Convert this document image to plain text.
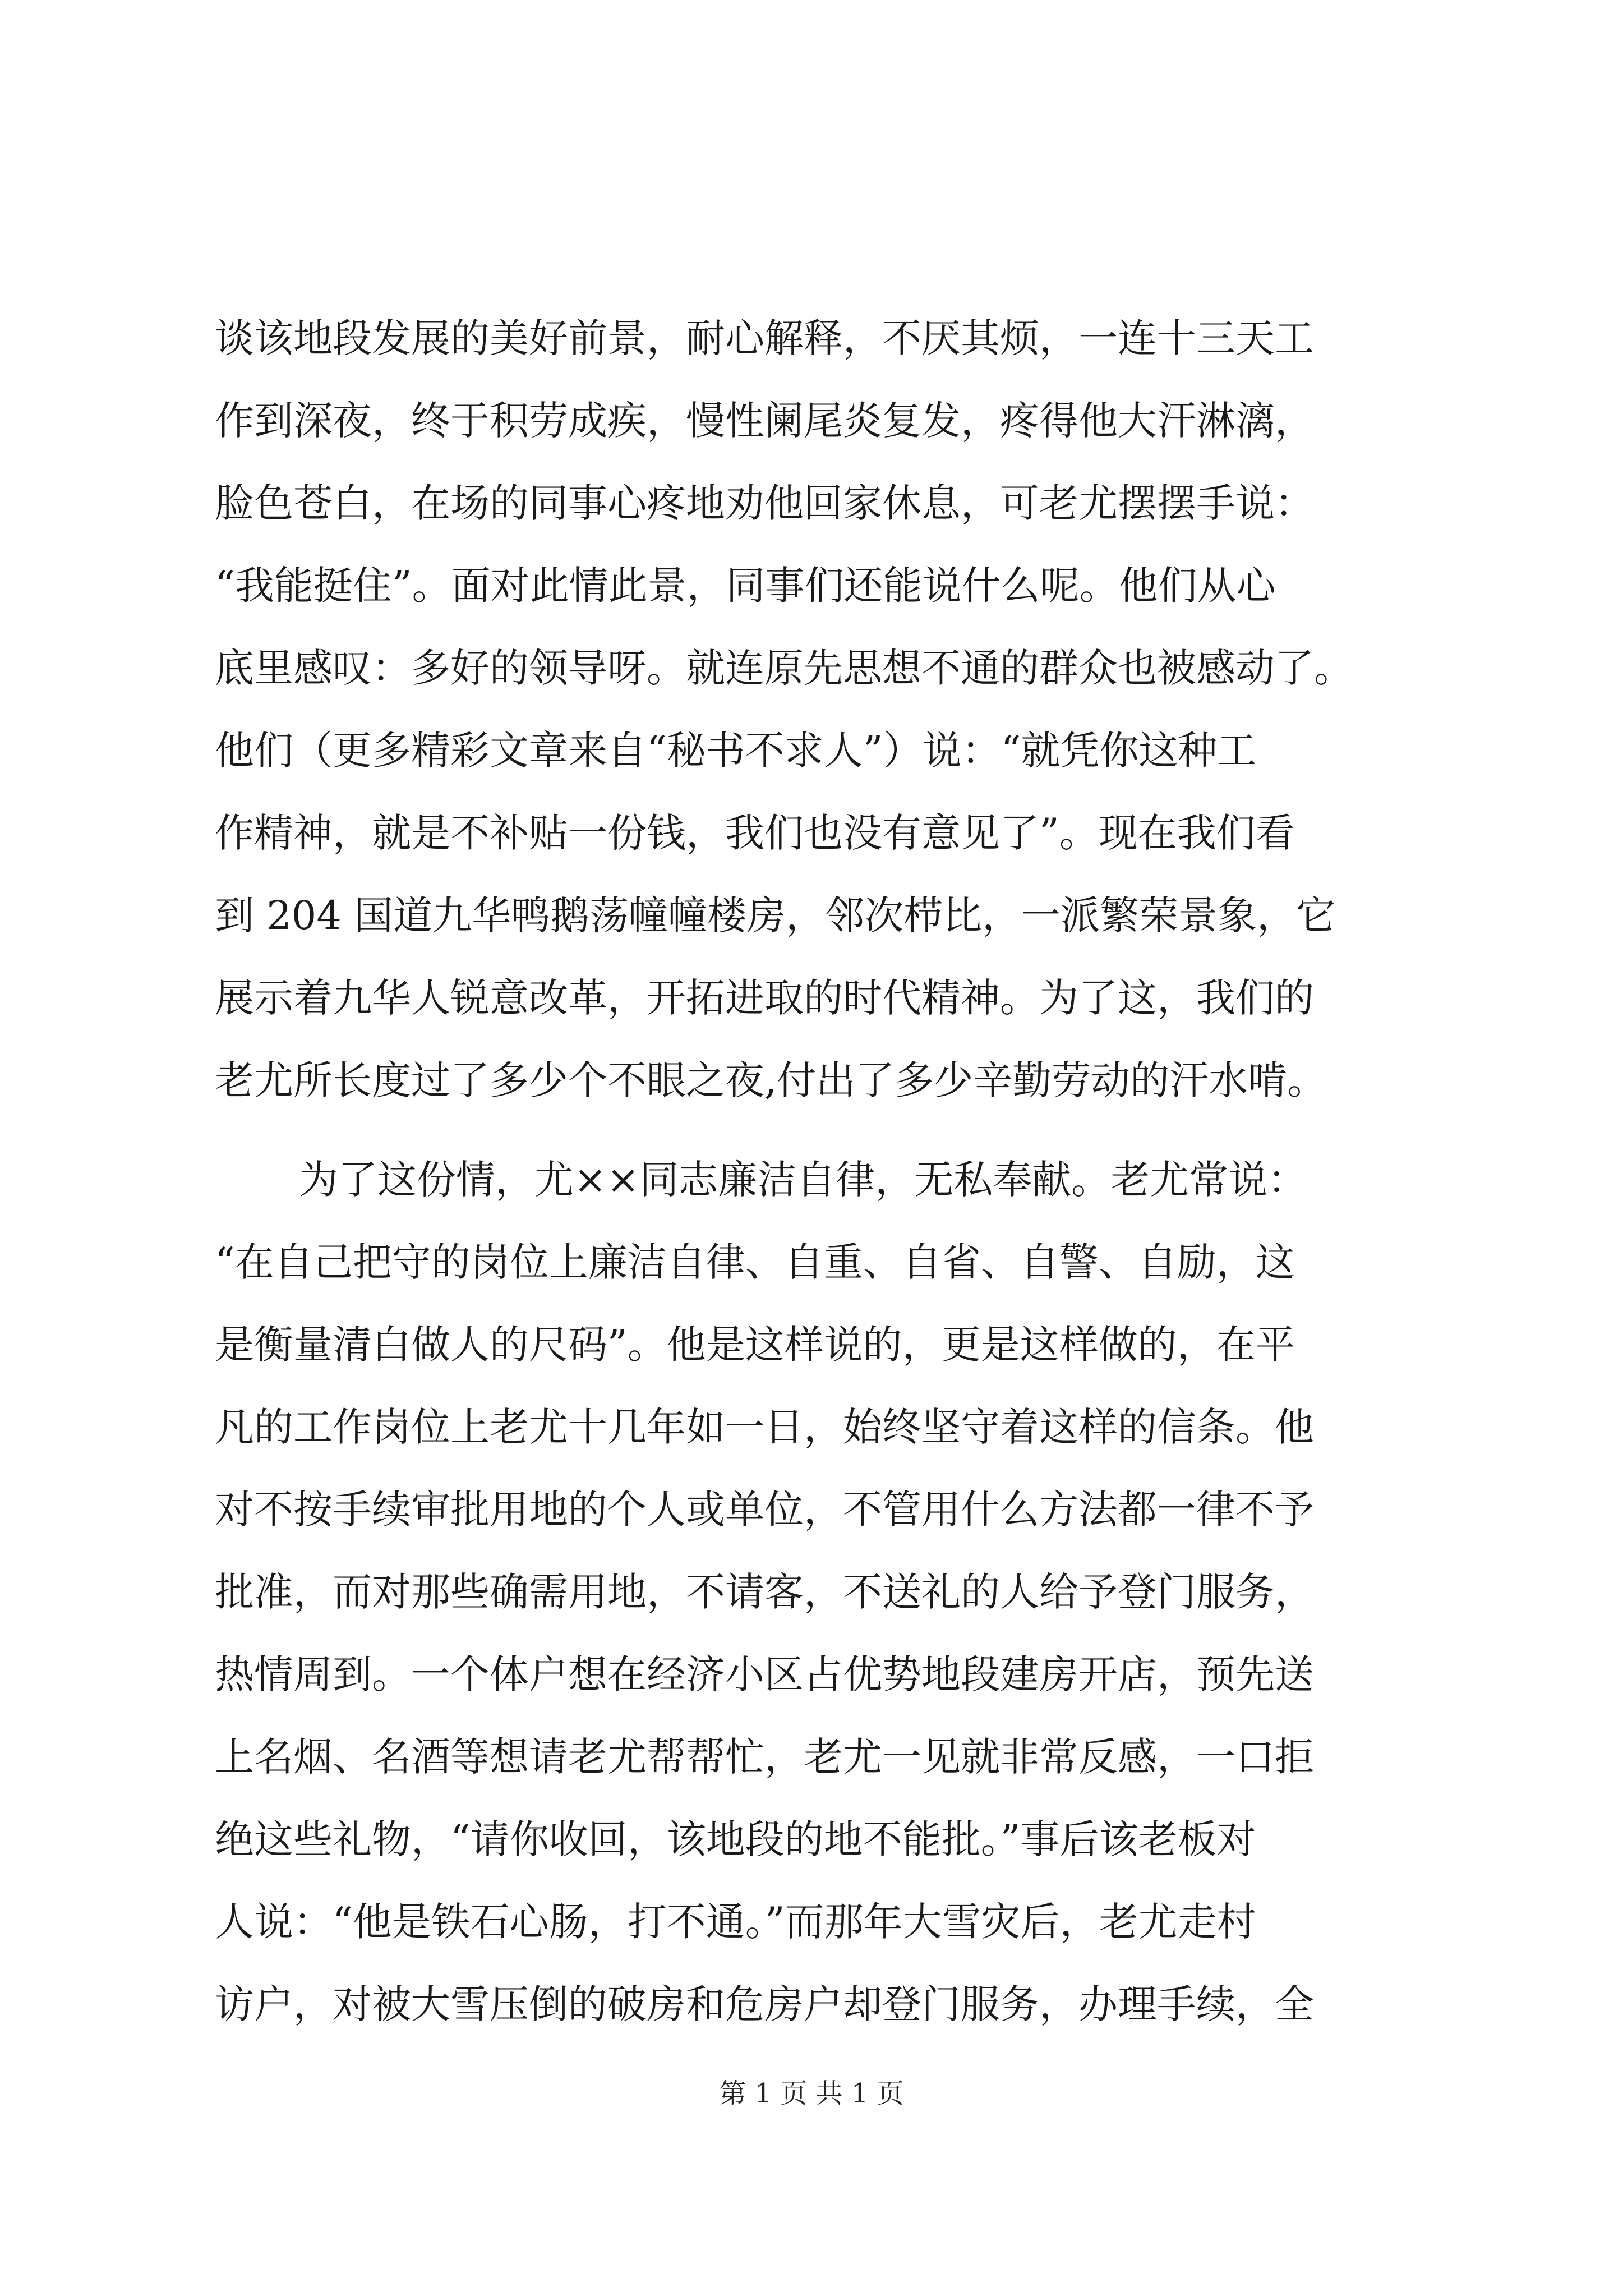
谈该地段发展的美好前景，耐心解释，不厌其烦，一连十三天工
作到深夜，终于积劳成疾，慢性阑尾炎复发，疼得他大汗淋漓，
脸色苍白，在场的同事心疼地劝他回家休息，可老尤摆摆手说：
“我能挺住”。面对此情此景，同事们还能说什么呢。他们从心
底里感叹：多好的领导呀。就连原先思想不通的群众也被感动了。
他们（更多精彩文章来自“秘书不求人”）说：“就凭你这种工
作精神，就是不补贴一份钱，我们也没有意见了”。现在我们看
到 204 国道九华鸭鹅荡幢幢楼房，邻次栉比，一派繁荣景象，它
展示着九华人锐意改革，开拓进取的时代精神。为了这，我们的
老尤所长度过了多少个不眼之夜,付出了多少辛勤劳动的汗水啃。
为了这份情，尤××同志廉洁自律，无私奉献。老尤常说：
“在自己把守的岗位上廉洁自律、自重、自省、自警、自励，这
是衡量清白做人的尺码”。他是这样说的，更是这样做的，在平
凡的工作岗位上老尤十几年如一日，始终坚守着这样的信条。他
对不按手续审批用地的个人或单位，不管用什么方法都一律不予
批准，而对那些确需用地，不请客，不送礼的人给予登门服务，
热情周到。一个体户想在经济小区占优势地段建房开店，预先送
上名烟、名酒等想请老尤帮帮忙，老尤一见就非常反感，一口拒
绝这些礼物，“请你收回，该地段的地不能批。”事后该老板对
人说：“他是铁石心肠，打不通。”而那年大雪灾后，老尤走村
访户，对被大雪压倒的破房和危房户却登门服务，办理手续，全
第 1 页 共 1 页
